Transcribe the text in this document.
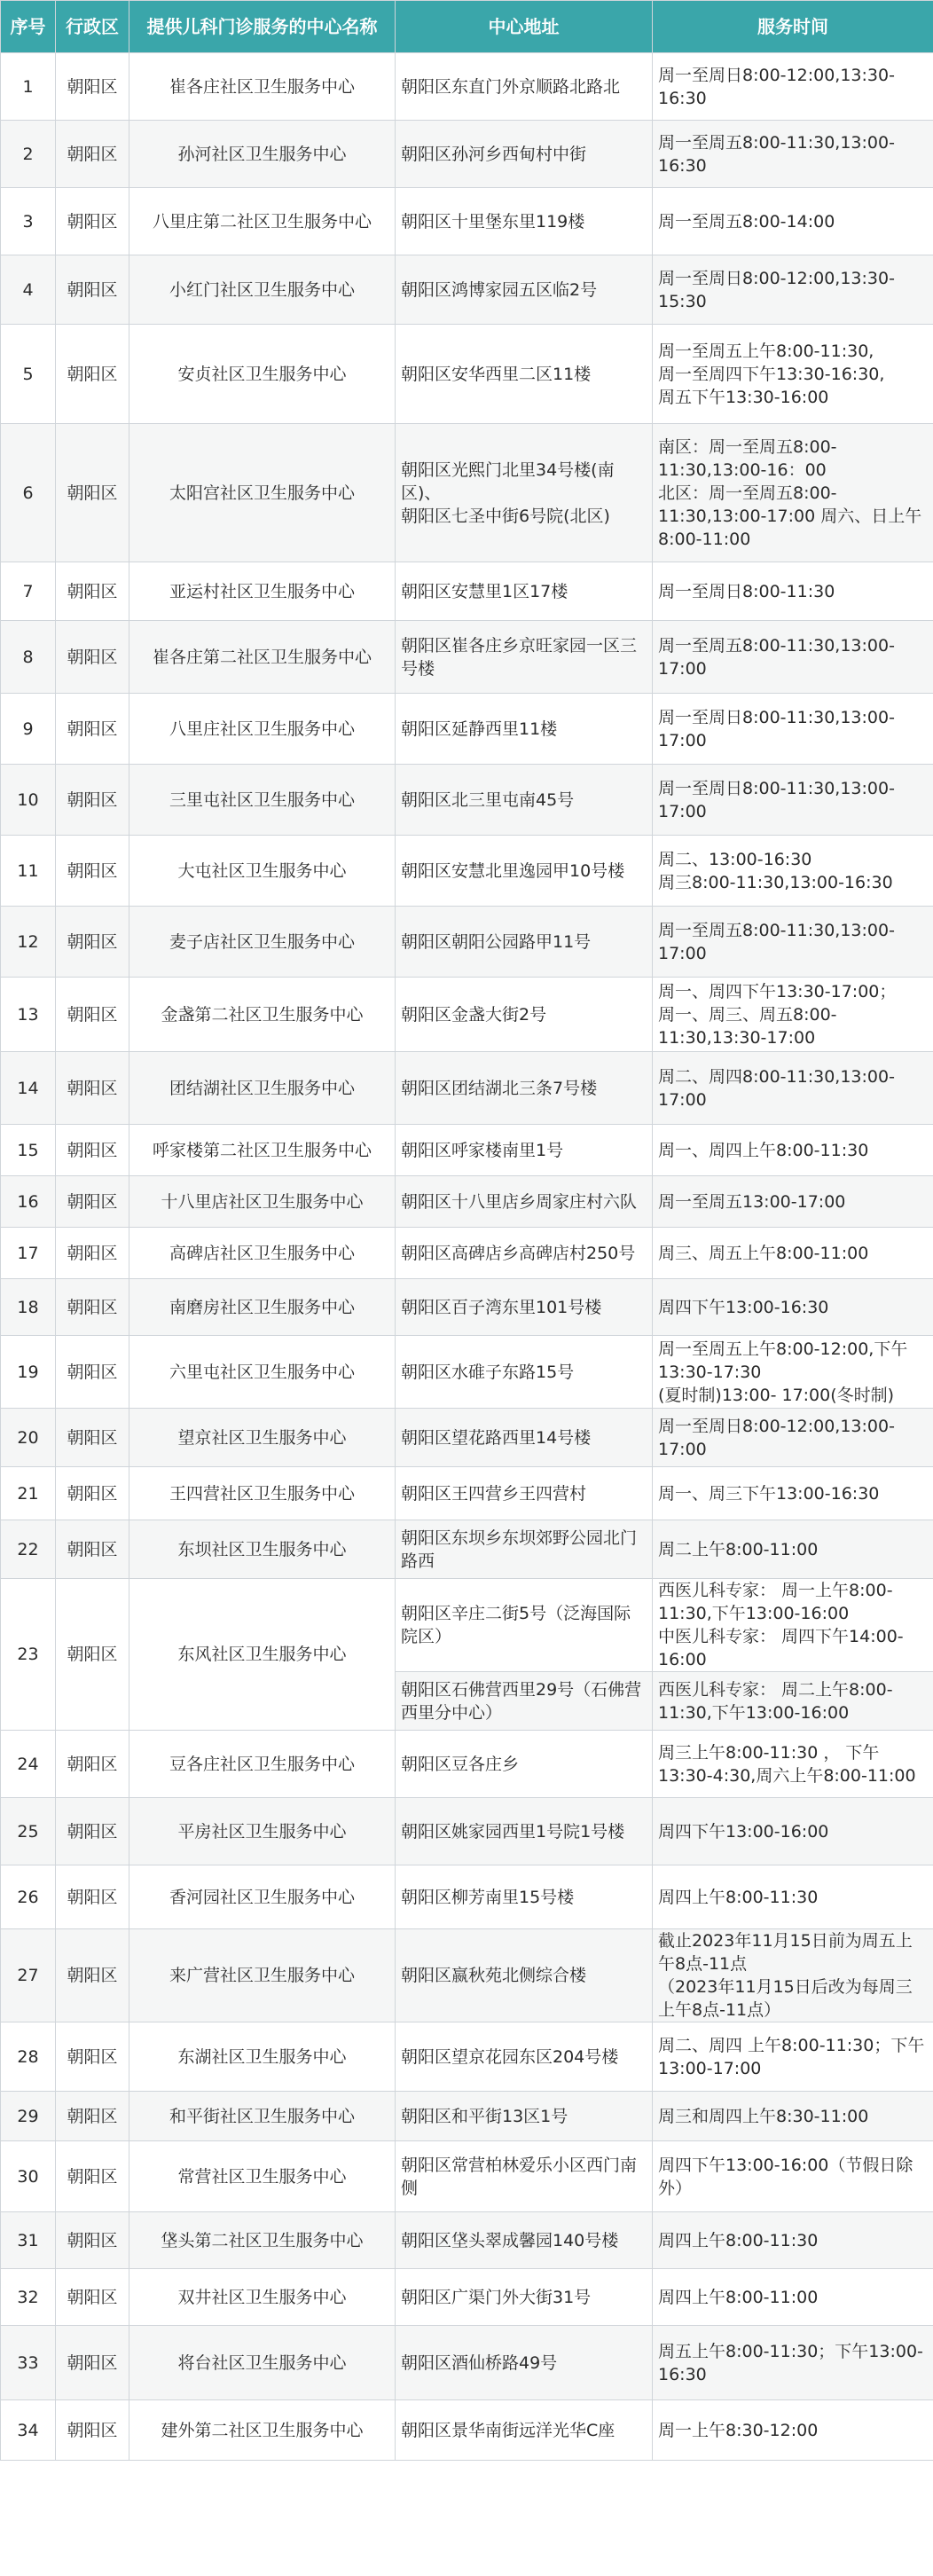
序号	行政区	提供儿科门诊服务的中心名称	中心地址	服务时间
1	朝阳区	崔各庄社区卫生服务中心	朝阳区东直门外京顺路北路北	周一至周日8:00-12:00,13:30-16:30
2	朝阳区	孙河社区卫生服务中心	朝阳区孙河乡西甸村中街	周一至周五8:00-11:30,13:00-16:30
3	朝阳区	八里庄第二社区卫生服务中心	朝阳区十里堡东里119楼	周一至周五8:00-14:00
4	朝阳区	小红门社区卫生服务中心	朝阳区鸿博家园五区临2号	周一至周日8:00-12:00,13:30-15:30
5	朝阳区	安贞社区卫生服务中心	朝阳区安华西里二区11楼	周一至周五上午8:00-11:30,
周一至周四下午13:30-16:30,
周五下午13:30-16:00
6	朝阳区	太阳宫社区卫生服务中心	朝阳区光熙门北里34号楼(南区)、
朝阳区七圣中街6号院(北区)	南区：周一至周五8:00-11:30,13:00-16：00
北区：周一至周五8:00-11:30,13:00-17:00 周六、日上午8:00-11:00
7	朝阳区	亚运村社区卫生服务中心	朝阳区安慧里1区17楼	周一至周日8:00-11:30
8	朝阳区	崔各庄第二社区卫生服务中心	朝阳区崔各庄乡京旺家园一区三号楼	周一至周五8:00-11:30,13:00-17:00
9	朝阳区	八里庄社区卫生服务中心	朝阳区延静西里11楼	周一至周日8:00-11:30,13:00-17:00
10	朝阳区	三里屯社区卫生服务中心	朝阳区北三里屯南45号	周一至周日8:00-11:30,13:00-17:00
11	朝阳区	大屯社区卫生服务中心	朝阳区安慧北里逸园甲10号楼	周二、13:00-16:30
周三8:00-11:30,13:00-16:30
12	朝阳区	麦子店社区卫生服务中心	朝阳区朝阳公园路甲11号	周一至周五8:00-11:30,13:00-17:00
13	朝阳区	金盏第二社区卫生服务中心	朝阳区金盏大街2号	周一、周四下午13:30-17:00；
周一、周三、周五8:00-11:30,13:30-17:00
14	朝阳区	团结湖社区卫生服务中心	朝阳区团结湖北三条7号楼	周二、周四8:00-11:30,13:00-17:00
15	朝阳区	呼家楼第二社区卫生服务中心	朝阳区呼家楼南里1号	周一、周四上午8:00-11:30
16	朝阳区	十八里店社区卫生服务中心	朝阳区十八里店乡周家庄村六队	周一至周五13:00-17:00
17	朝阳区	高碑店社区卫生服务中心	朝阳区高碑店乡高碑店村250号	周三、周五上午8:00-11:00
18	朝阳区	南磨房社区卫生服务中心	朝阳区百子湾东里101号楼	周四下午13:00-16:30
19	朝阳区	六里屯社区卫生服务中心	朝阳区水碓子东路15号	周一至周五上午8:00-12:00,下午13:30-17:30
(夏时制)13:00- 17:00(冬时制)
20	朝阳区	望京社区卫生服务中心	朝阳区望花路西里14号楼	周一至周日8:00-12:00,13:00-17:00
21	朝阳区	王四营社区卫生服务中心	朝阳区王四营乡王四营村	周一、周三下午13:00-16:30
22	朝阳区	东坝社区卫生服务中心	朝阳区东坝乡东坝郊野公园北门路西	周二上午8:00-11:00
23	朝阳区	东风社区卫生服务中心	朝阳区辛庄二街5号（泛海国际院区）	西医儿科专家： 周一上午8:00-11:30,下午13:00-16:00
中医儿科专家： 周四下午14:00-16:00
			朝阳区石佛营西里29号（石佛营西里分中心）	西医儿科专家： 周二上午8:00-11:30,下午13:00-16:00
24	朝阳区	豆各庄社区卫生服务中心	朝阳区豆各庄乡	周三上午8:00-11:30 ， 下午13:30-4:30,周六上午8:00-11:00
25	朝阳区	平房社区卫生服务中心	朝阳区姚家园西里1号院1号楼	周四下午13:00-16:00
26	朝阳区	香河园社区卫生服务中心	朝阳区柳芳南里15号楼	周四上午8:00-11:30
27	朝阳区	来广营社区卫生服务中心	朝阳区嬴秋苑北侧综合楼	截止2023年11月15日前为周五上午8点-11点
（2023年11月15日后改为每周三上午8点-11点）
28	朝阳区	东湖社区卫生服务中心	朝阳区望京花园东区204号楼	周二、周四 上午8:00-11:30；下午13:00-17:00
29	朝阳区	和平街社区卫生服务中心	朝阳区和平街13区1号	周三和周四上午8:30-11:00
30	朝阳区	常营社区卫生服务中心	朝阳区常营柏林爱乐小区西门南侧	周四下午13:00-16:00（节假日除外）
31	朝阳区	垡头第二社区卫生服务中心	朝阳区垡头翠成馨园140号楼	周四上午8:00-11:30
32	朝阳区	双井社区卫生服务中心	朝阳区广渠门外大街31号	周四上午8:00-11:00
33	朝阳区	将台社区卫生服务中心	朝阳区酒仙桥路49号	周五上午8:00-11:30；下午13:00-16:30
34	朝阳区	建外第二社区卫生服务中心	朝阳区景华南街远洋光华C座	周一上午8:30-12:00
